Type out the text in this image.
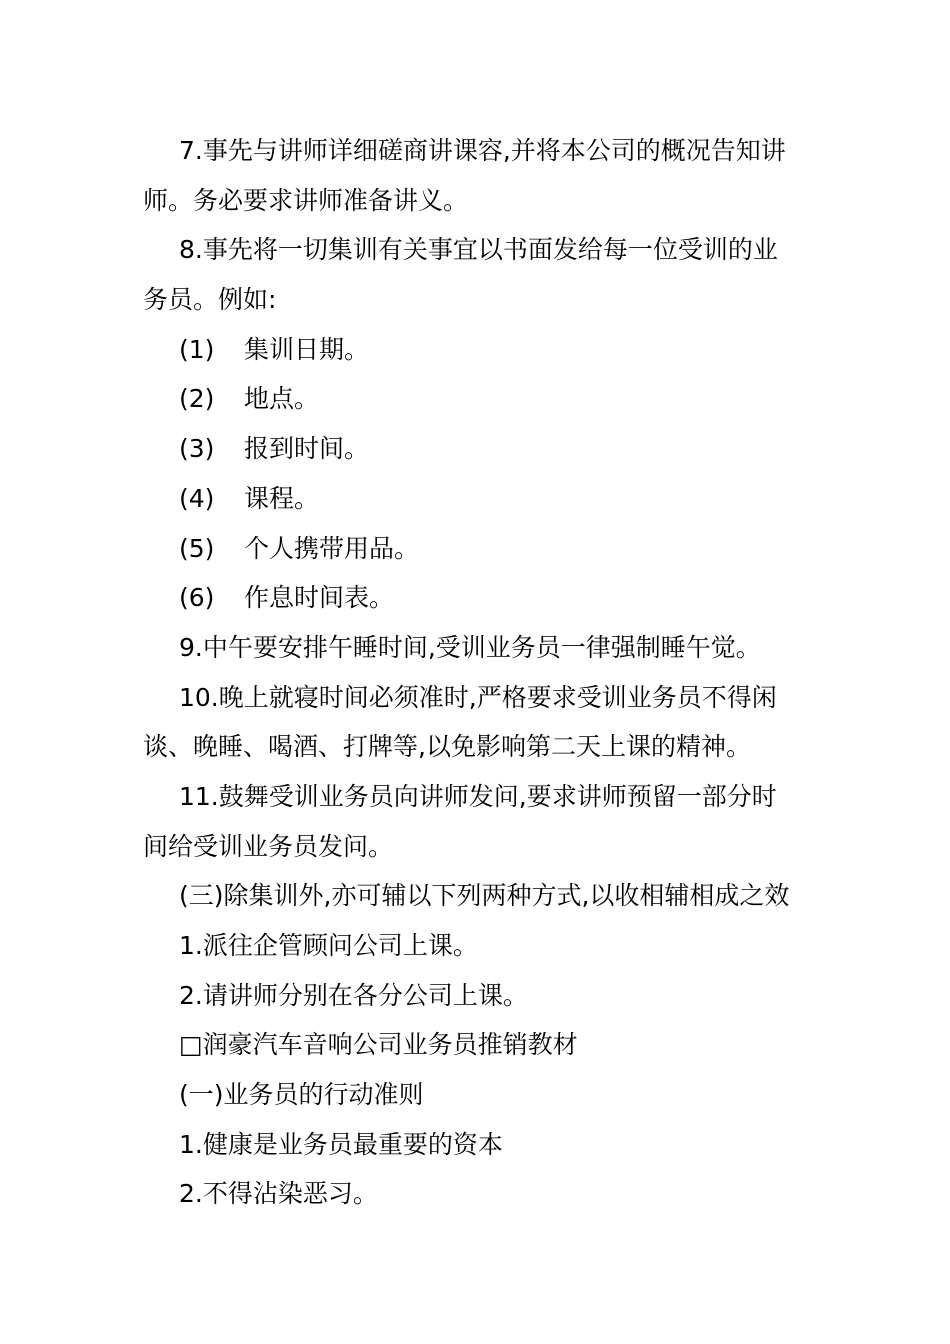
7.事先与讲师详细磋商讲课容,并将本公司的概况告知讲
师。务必要求讲师准备讲义。
8.事先将一切集训有关事宜以书面发给每一位受训的业
务员。例如:
(1)	集训日期。
(2)	地点。
(3)	报到时间。
(4)	课程。
(5)	个人携带用品。
(6)	作息时间表。
9.中午要安排午睡时间,受训业务员一律强制睡午觉。
10.晚上就寝时间必须准时,严格要求受训业务员不得闲
谈、晚睡、喝酒、打牌等,以免影响第二天上课的精神。
11.鼓舞受训业务员向讲师发问,要求讲师预留一部分时
间给受训业务员发问。
(三)除集训外,亦可辅以下列两种方式,以收相辅相成之效
1.派往企管顾问公司上课。
2.请讲师分别在各分公司上课。
□润豪汽车音响公司业务员推销教材
(一)业务员的行动准则
1.健康是业务员最重要的资本
2.不得沾染恶习。
